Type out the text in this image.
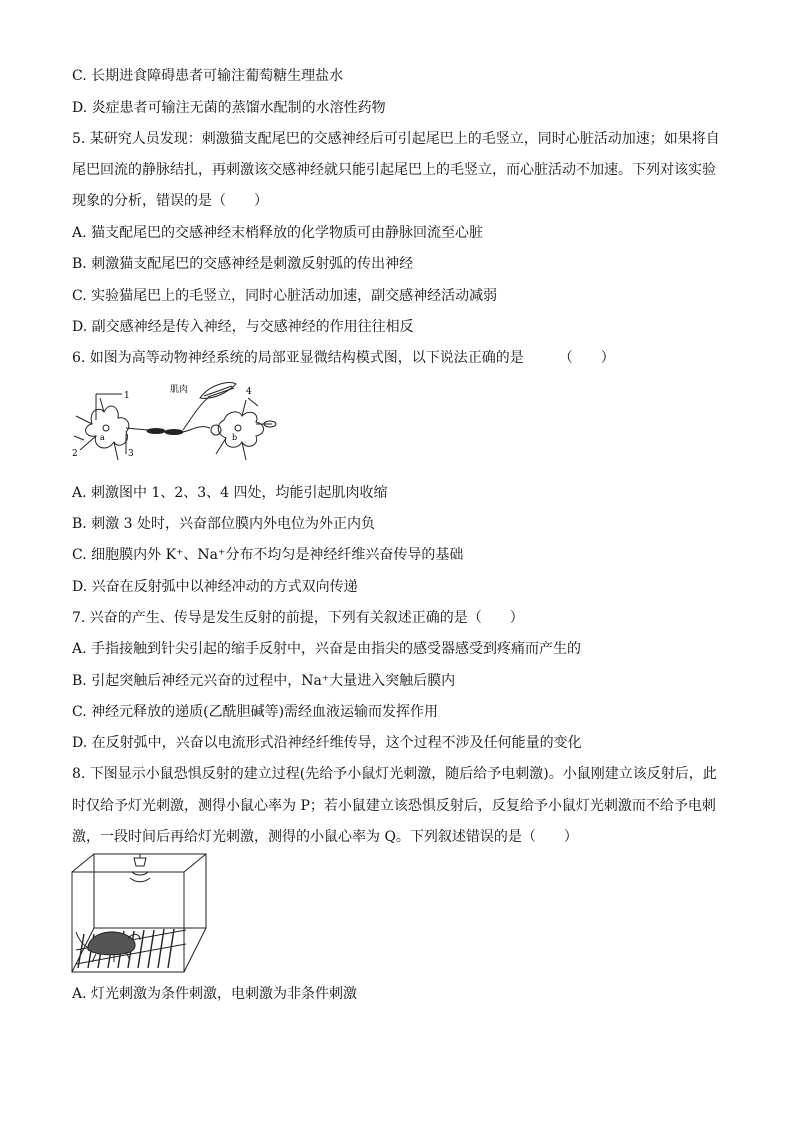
C. 长期进食障碍患者可输注葡萄糖生理盐水
D. 炎症患者可输注无菌的蒸馏水配制的水溶性药物
5. 某研究人员发现：刺激猫支配尾巴的交感神经后可引起尾巴上的毛竖立，同时心脏活动加速；如果将自
尾巴回流的静脉结扎，再刺激该交感神经就只能引起尾巴上的毛竖立，而心脏活动不加速。下列对该实验
现象的分析，错误的是（　　）
A. 猫支配尾巴的交感神经末梢释放的化学物质可由静脉回流至心脏
B. 刺激猫支配尾巴的交感神经是刺激反射弧的传出神经
C. 实验猫尾巴上的毛竖立，同时心脏活动加速，副交感神经活动减弱
D. 副交感神经是传入神经，与交感神经的作用往往相反
6. 如图为高等动物神经系统的局部亚显微结构模式图，以下说法正确的是　　　（　　）
1
2	3
4
肌肉
a	b
A. 刺激图中 1、2、3、4 四处，均能引起肌肉收缩
B. 刺激 3 处时，兴奋部位膜内外电位为外正内负
C. 细胞膜内外 K⁺、Na⁺分布不均匀是神经纤维兴奋传导的基础
D. 兴奋在反射弧中以神经冲动的方式双向传递
7. 兴奋的产生、传导是发生反射的前提，下列有关叙述正确的是（　　）
A. 手指接触到针尖引起的缩手反射中，兴奋是由指尖的感受器感受到疼痛而产生的
B. 引起突触后神经元兴奋的过程中，Na⁺大量进入突触后膜内
C. 神经元释放的递质(乙酰胆碱等)需经血液运输而发挥作用
D. 在反射弧中，兴奋以电流形式沿神经纤维传导，这个过程不涉及任何能量的变化
8. 下图显示小鼠恐惧反射的建立过程(先给予小鼠灯光刺激，随后给予电刺激)。小鼠刚建立该反射后，此
时仅给予灯光刺激，测得小鼠心率为 P；若小鼠建立该恐惧反射后，反复给予小鼠灯光刺激而不给予电刺
激，一段时间后再给灯光刺激，测得的小鼠心率为 Q。下列叙述错误的是（　　）
A. 灯光刺激为条件刺激，电刺激为非条件刺激
